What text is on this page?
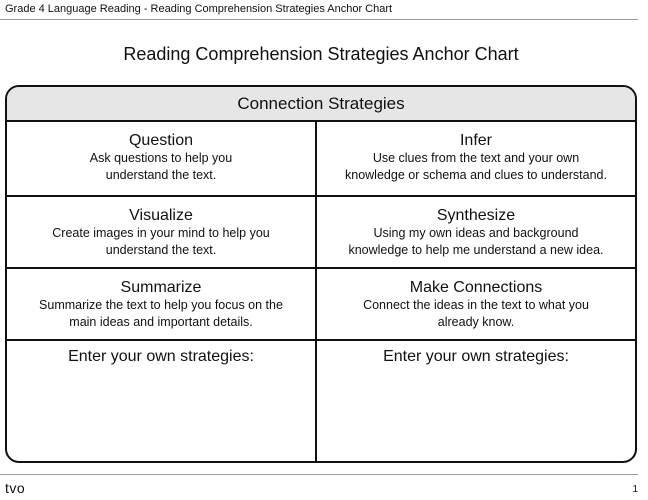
Grade 4 Language Reading - Reading Comprehension Strategies Anchor Chart
Reading Comprehension Strategies Anchor Chart
Connection Strategies
Question
Ask questions to help you
understand the text.
Infer
Use clues from the text and your own
knowledge or schema and clues to understand.
Visualize
Create images in your mind to help you
understand the text.
Synthesize
Using my own ideas and background
knowledge to help me understand a new idea.
Summarize
Summarize the text to help you focus on the
main ideas and important details.
Make Connections
Connect the ideas in the text to what you
already know.
Enter your own strategies:	Enter your own strategies:
tvo	1
